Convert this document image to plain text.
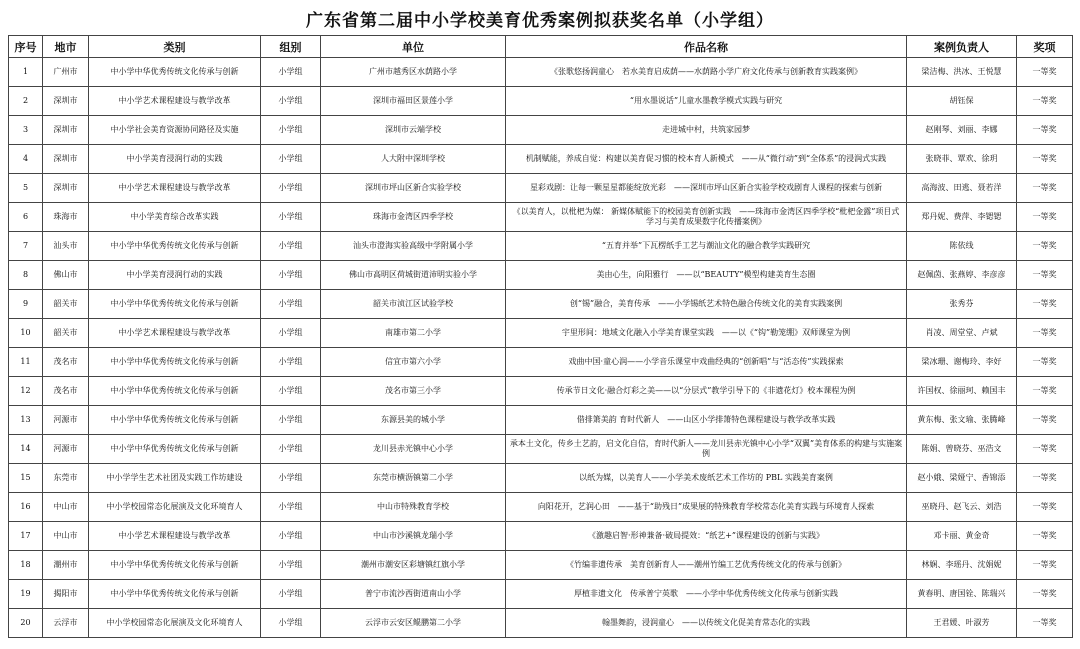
广东省第二届中小学校美育优秀案例拟获奖名单（小学组）
序号	地市	类别	组别	单位	作品名称	案例负责人	奖项
1	广州市	中小学中华优秀传统文化传承与创新	小学组	广州市越秀区水荫路小学	《张歌悠扬润童心　若水美育启成荫——水荫路小学广府文化传承与创新教育实践案例》	梁洁梅、洪冰、王悦慧	一等奖
2	深圳市	中小学艺术课程建设与教学改革	小学组	深圳市福田区景莲小学	“用水墨说话”儿童水墨教学模式实践与研究	胡钰保	一等奖
3	深圳市	中小学社会美育资源协同路径及实施	小学组	深圳市云端学校	走进城中村，共筑家园梦	赵刚琴、刘丽、李娜	一等奖
4	深圳市	中小学美育浸润行动的实践	小学组	人大附中深圳学校	机制赋能，养成自觉：构建以美育促习惯的校本育人新模式　——从“微行动”到“全体系”的浸润式实践	张晓菲、覃欢、徐玥	一等奖
5	深圳市	中小学艺术课程建设与教学改革	小学组	深圳市坪山区新合实验学校	星彩戏剧：让每一颗星星都能绽放光彩　——深圳市坪山区新合实验学校戏剧育人课程的探索与创新	高海波、田逃、聂若洋	一等奖
6	珠海市	中小学美育综合改革实践	小学组	珠海市金湾区四季学校	《以美育人，以枇杷为媒： 新媒体赋能下的校园美育创新实践　——珠海市金湾区四季学校“枇杷金露”项目式学习与美育成果数字化传播案例》	郑丹妮、费萍、李锶锶	一等奖
7	汕头市	中小学中华优秀传统文化传承与创新	小学组	汕头市澄海实验高级中学附属小学	“五育并举”下瓦楞纸手工艺与潮汕文化的融合教学实践研究	陈依线	一等奖
8	佛山市	中小学美育浸润行动的实践	小学组	佛山市高明区荷城街道沛明实验小学	美由心生，向阳雅行　——以“BEAUTY”模型构建美育生态圈	赵佩茵、张燕婷、李彦彦	一等奖
9	韶关市	中小学中华优秀传统文化传承与创新	小学组	韶关市浈江区试验学校	创“锡”融合，美育传承　——小学锡纸艺术特色融合传统文化的美育实践案例	张秀芬	一等奖
10	韶关市	中小学艺术课程建设与教学改革	小学组	南雄市第二小学	宇里形间：地域文化融入小学美育课堂实践　——以《“钩”勒笼绷》双师课堂为例	肖凌、周堂堂、卢斌	一等奖
11	茂名市	中小学中华优秀传统文化传承与创新	小学组	信宜市第六小学	戏曲中国·童心润——小学音乐课堂中戏曲经典的“创新唱”与“活态传”实践探索	梁冰珊、谢梅玲、李好	一等奖
12	茂名市	中小学中华优秀传统文化传承与创新	小学组	茂名市第三小学	传承节日文化·融合灯彩之美——以“分层式”教学引导下的《非遗花灯》校本课程为例	许国权、徐丽珂、赖国丰	一等奖
13	河源市	中小学中华优秀传统文化传承与创新	小学组	东源县美的城小学	借排箫美韵 育时代新人　——山区小学排箫特色课程建设与教学改革实践	黄东梅、张文瑜、张腾峰	一等奖
14	河源市	中小学中华优秀传统文化传承与创新	小学组	龙川县赤光镇中心小学	承本土文化，传乡土艺韵，启文化自信，育时代新人——龙川县赤光镇中心小学“双翼”美育体系的构建与实施案例	陈娟、曾晓芬、巫浩文	一等奖
15	东莞市	中小学学生艺术社团及实践工作坊建设	小学组	东莞市横沥镇第二小学	以纸为媒，以美育人——小学美术废纸艺术工作坊的 PBL 实践美育案例	赵小娥、梁娅宁、香锦添	一等奖
16	中山市	中小学校园常态化展演及文化环境育人	小学组	中山市特殊教育学校	向阳花开，艺润心田　——基于“助残日”成果展的特殊教育学校常态化美育实践与环境育人探索	巫晓丹、赵飞云、刘浩	一等奖
17	中山市	中小学艺术课程建设与教学改革	小学组	中山市沙溪镇龙瑞小学	《激趣启智·形神兼备·破局提效：“纸艺+”课程建设的创新与实践》	邓卡丽、黄金奇	一等奖
18	潮州市	中小学中华优秀传统文化传承与创新	小学组	潮州市潮安区彩塘镇红旗小学	《竹编非遗传承　美育创新育人——潮州竹编工艺优秀传统文化的传承与创新》	林娴、李瑶丹、沈娟妮	一等奖
19	揭阳市	中小学中华优秀传统文化传承与创新	小学组	普宁市流沙西街道南山小学	厚植非遗文化　传承普宁英歌　——小学中华优秀传统文化传承与创新实践	黄春明、唐国铨、陈瑞兴	一等奖
20	云浮市	中小学校园常态化展演及文化环境育人	小学组	云浮市云安区鲲鹏第二小学	翰墨舞韵，浸润童心　——以传统文化促美育常态化的实践	王君媛、叶淑芳	一等奖
